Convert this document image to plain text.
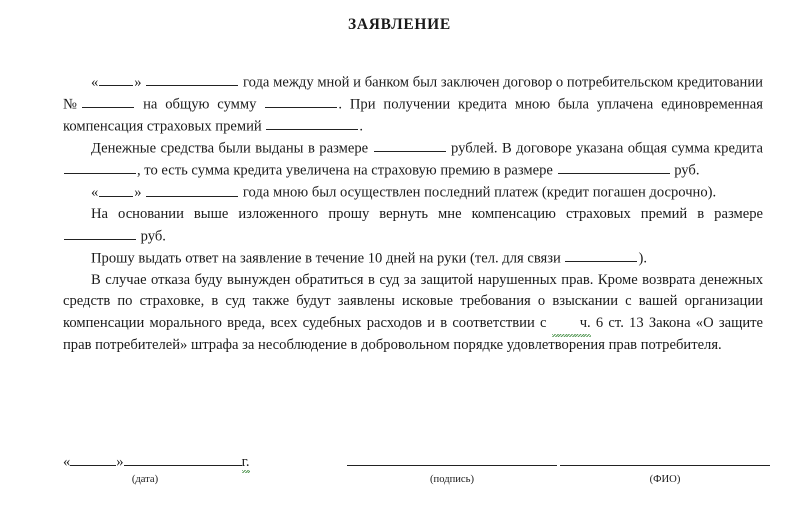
ЗАЯВЛЕНИЕ

« »	года между мной и банком был заключен договор о потребительском кредитовании №	на общую сумму	. При получении кредита мною была уплачена единовременная компенсация страховых премий	.

Денежные средства были выданы в размере	рублей. В договоре указана общая сумма кредита , то есть сумма кредита увеличена на страховую премию в размере	руб.

« »	года мною был осуществлен последний платеж (кредит погашен досрочно).

На основании выше изложенного прошу вернуть мне компенсацию страховых премий в размере  руб.

Прошу выдать ответ на заявление в течение 10 дней на руки (тел. для связи	).

В случае отказа буду вынужден обратиться в суд за защитой нарушенных прав. Кроме возврата денежных средств по страховке, в суд также будут заявлены исковые требования о взыскании с вашей организации компенсации морального вреда, всех судебных расходов и в соответствии с ч. 6 ст. 13 Закона «О защите прав потребителей» штрафа за несоблюдение в добровольном порядке удовлетворения прав потребителя.

«	»	г.
(дата)	(подпись)	(ФИО)
